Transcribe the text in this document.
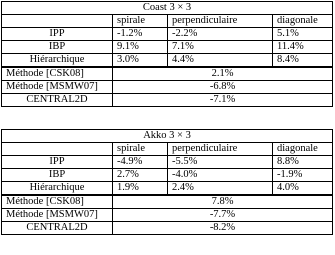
Coast 3 × 3			
	spirale	perpendiculaire	diagonale
IPP	-1.2%	-2.2%	5.1%
IBP	9.1%	7.1%	11.4%
Hiérarchique	3.0%	4.4%	8.4%
Méthode [CSK08]	2.1%		
Méthode [MSMW07]	-6.8%		
CENTRAL2D	-7.1%		
Akko 3 × 3			
	spirale	perpendiculaire	diagonale
IPP	-4.9%	-5.5%	8.8%
IBP	2.7%	-4.0%	-1.9%
Hiérarchique	1.9%	2.4%	4.0%
Méthode [CSK08]	7.8%		
Méthode [MSMW07]	-7.7%		
CENTRAL2D	-8.2%		
